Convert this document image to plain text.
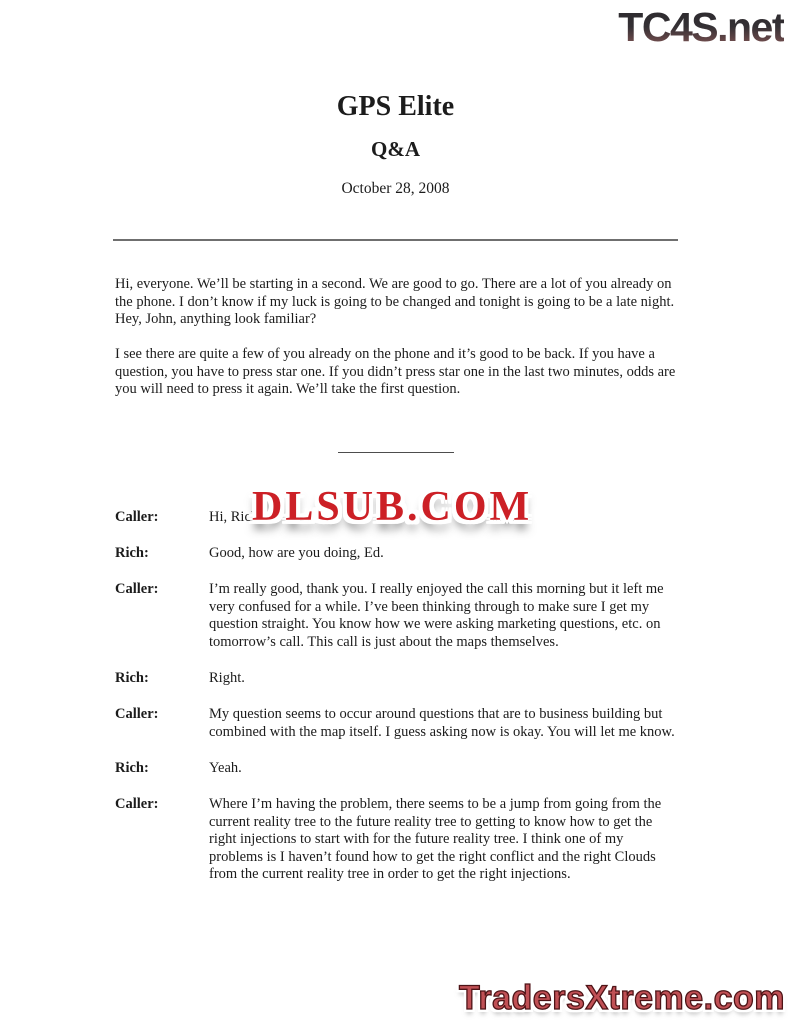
TC4S.net
GPS Elite
Q&A
October 28, 2008
Hi, everyone. We’ll be starting in a second. We are good to go. There are a lot of you already on the phone. I don’t know if my luck is going to be changed and tonight is going to be a late night. Hey, John, anything look familiar?
I see there are quite a few of you already on the phone and it’s good to be back. If you have a question, you have to press star one. If you didn’t press star one in the last two minutes, odds are you will need to press it again. We’ll take the first question.
Caller:	Hi, Rich
Rich:	Good, how are you doing, Ed.
Caller:	I’m really good, thank you. I really enjoyed the call this morning but it left me very confused for a while. I’ve been thinking through to make sure I get my question straight. You know how we were asking marketing questions, etc. on tomorrow’s call. This call is just about the maps themselves.
Rich:	Right.
Caller:	My question seems to occur around questions that are to business building but combined with the map itself. I guess asking now is okay. You will let me know.
Rich:	Yeah.
Caller:	Where I’m having the problem, there seems to be a jump from going from the current reality tree to the future reality tree to getting to know how to get the right injections to start with for the future reality tree. I think one of my problems is I haven’t found how to get the right conflict and the right Clouds from the current reality tree in order to get the right injections.
DLSUB.COM
TradersXtreme.com
